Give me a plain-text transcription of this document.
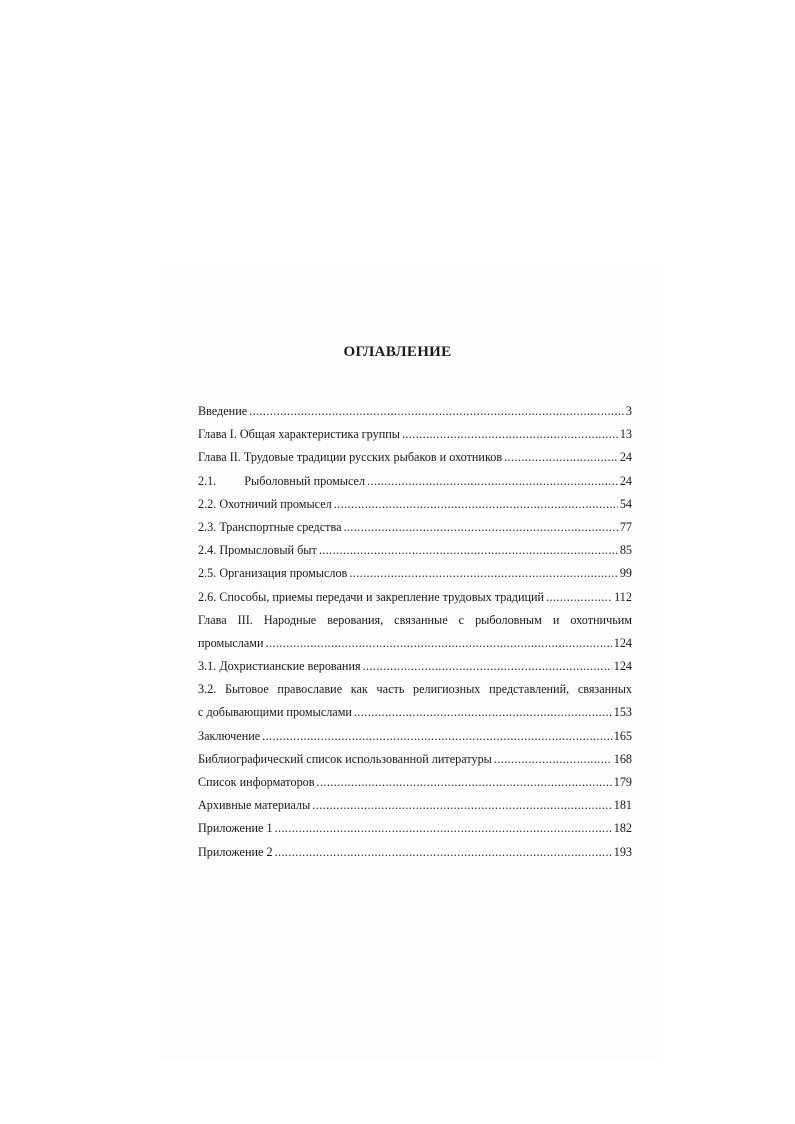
ОГЛАВЛЕНИЕ
Введение .....	3
Глава I. Общая характеристика группы .....	13
Глава II. Трудовые традиции русских рыбаков и охотников .....	24
2.1. Рыболовный промысел .....	24
2.2. Охотничий промысел .....	54
2.3. Транспортные средства .....	77
2.4. Промысловый быт .....	85
2.5. Организация промыслов .....	99
2.6. Способы, приемы передачи и закрепление трудовых традиций .....	112
Глава III. Народные верования, связанные с рыболовным и охотничьим
промыслами .....	124
3.1. Дохристианские верования .....	124
3.2. Бытовое православие как часть религиозных представлений, связанных
с добывающими промыслами .....	153
Заключение .....	165
Библиографический список использованной литературы .....	168
Список информаторов .....	179
Архивные материалы .....	181
Приложение 1 .....	182
Приложение 2 .....	193
